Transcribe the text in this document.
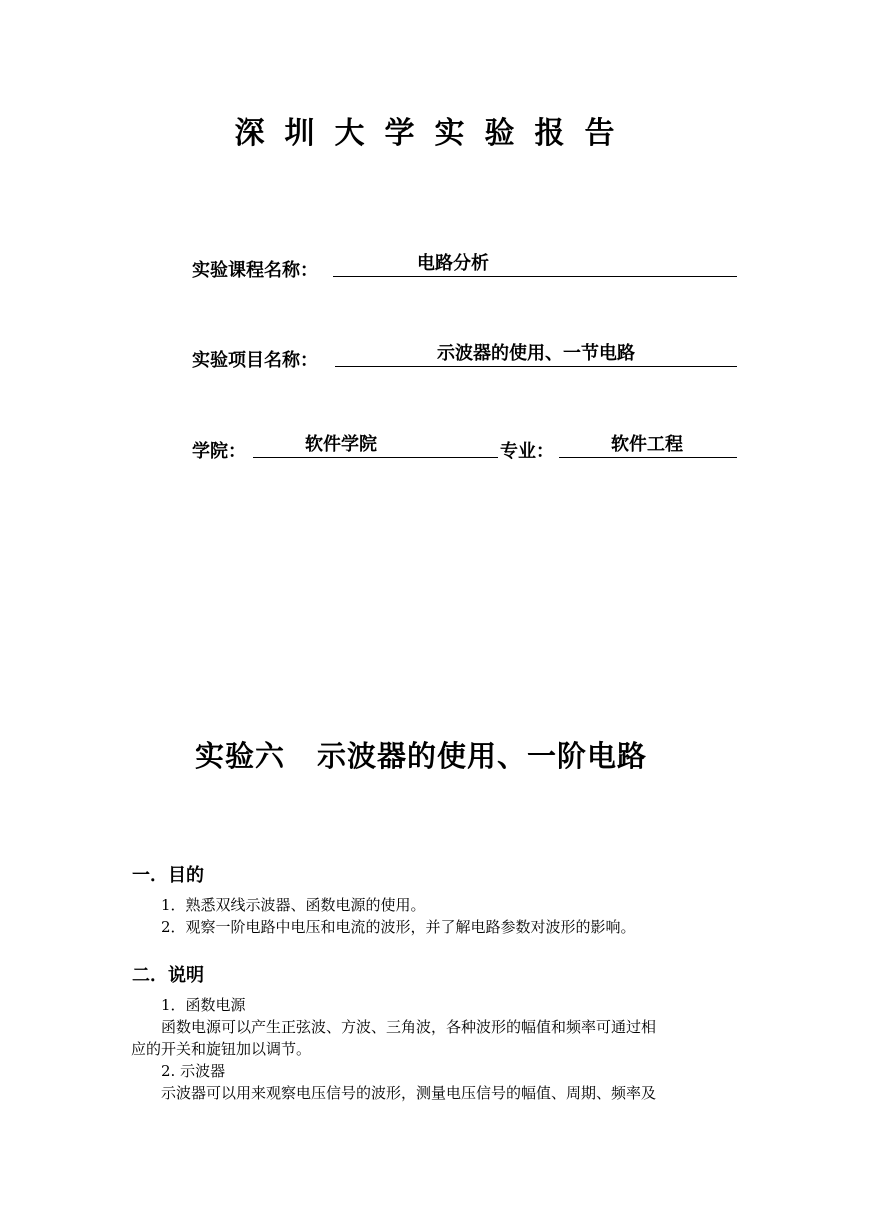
深圳大学实验报告
实验课程名称：	电路分析
实验项目名称：	示波器的使用、一节电路
学院：	软件学院	专业：	软件工程
实验六 示波器的使用、一阶电路
一．目的
1．熟悉双线示波器、函数电源的使用。
2．观察一阶电路中电压和电流的波形，并了解电路参数对波形的影响。
二．说明
1．函数电源
函数电源可以产生正弦波、方波、三角波，各种波形的幅值和频率可通过相
应的开关和旋钮加以调节。
2. 示波器
示波器可以用来观察电压信号的波形，测量电压信号的幅值、周期、频率及
